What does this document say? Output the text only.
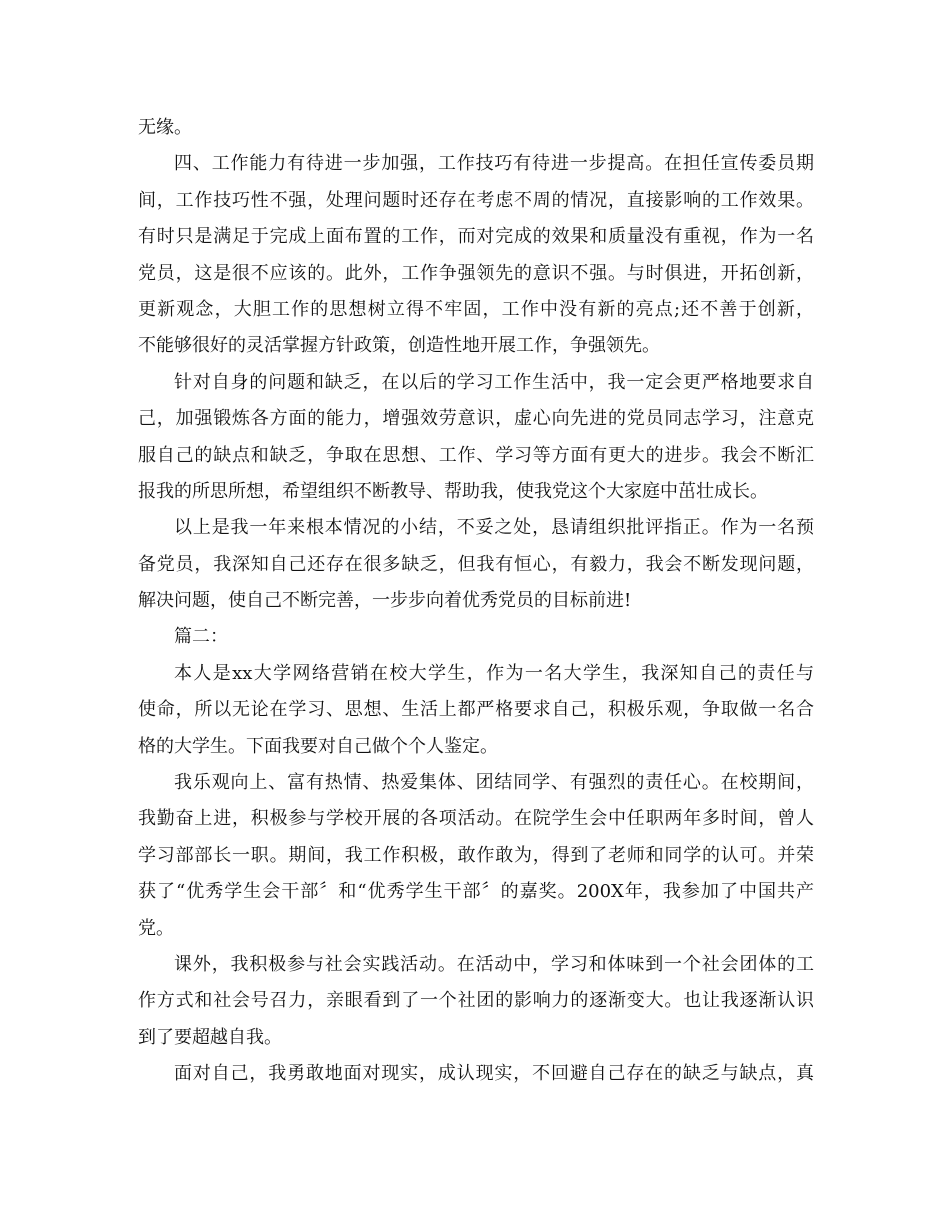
无缘。
四、工作能力有待进一步加强，工作技巧有待进一步提高。在担任宣传委员期
间，工作技巧性不强，处理问题时还存在考虑不周的情况，直接影响的工作效果。
有时只是满足于完成上面布置的工作，而对完成的效果和质量没有重视，作为一名
党员，这是很不应该的。此外，工作争强领先的意识不强。与时俱进，开拓创新，
更新观念，大胆工作的思想树立得不牢固，工作中没有新的亮点;还不善于创新，
不能够很好的灵活掌握方针政策，创造性地开展工作，争强领先。
针对自身的问题和缺乏，在以后的学习工作生活中，我一定会更严格地要求自
己，加强锻炼各方面的能力，增强效劳意识，虚心向先进的党员同志学习，注意克
服自己的缺点和缺乏，争取在思想、工作、学习等方面有更大的进步。我会不断汇
报我的所思所想，希望组织不断教导、帮助我，使我党这个大家庭中茁壮成长。
以上是我一年来根本情况的小结，不妥之处，恳请组织批评指正。作为一名预
备党员，我深知自己还存在很多缺乏，但我有恒心，有毅力，我会不断发现问题，
解决问题，使自己不断完善，一步步向着优秀党员的目标前进!
篇二：
本人是xx大学网络营销在校大学生，作为一名大学生，我深知自己的责任与
使命，所以无论在学习、思想、生活上都严格要求自己，积极乐观，争取做一名合
格的大学生。下面我要对自己做个个人鉴定。
我乐观向上、富有热情、热爱集体、团结同学、有强烈的责任心。在校期间，
我勤奋上进，积极参与学校开展的各项活动。在院学生会中任职两年多时间，曾人
学习部部长一职。期间，我工作积极，敢作敢为，得到了老师和同学的认可。并荣
获了“优秀学生会干部〞和“优秀学生干部〞的嘉奖。200X年，我参加了中国共产
党。
课外，我积极参与社会实践活动。在活动中，学习和体味到一个社会团体的工
作方式和社会号召力，亲眼看到了一个社团的影响力的逐渐变大。也让我逐渐认识
到了要超越自我。
面对自己，我勇敢地面对现实，成认现实，不回避自己存在的缺乏与缺点，真
